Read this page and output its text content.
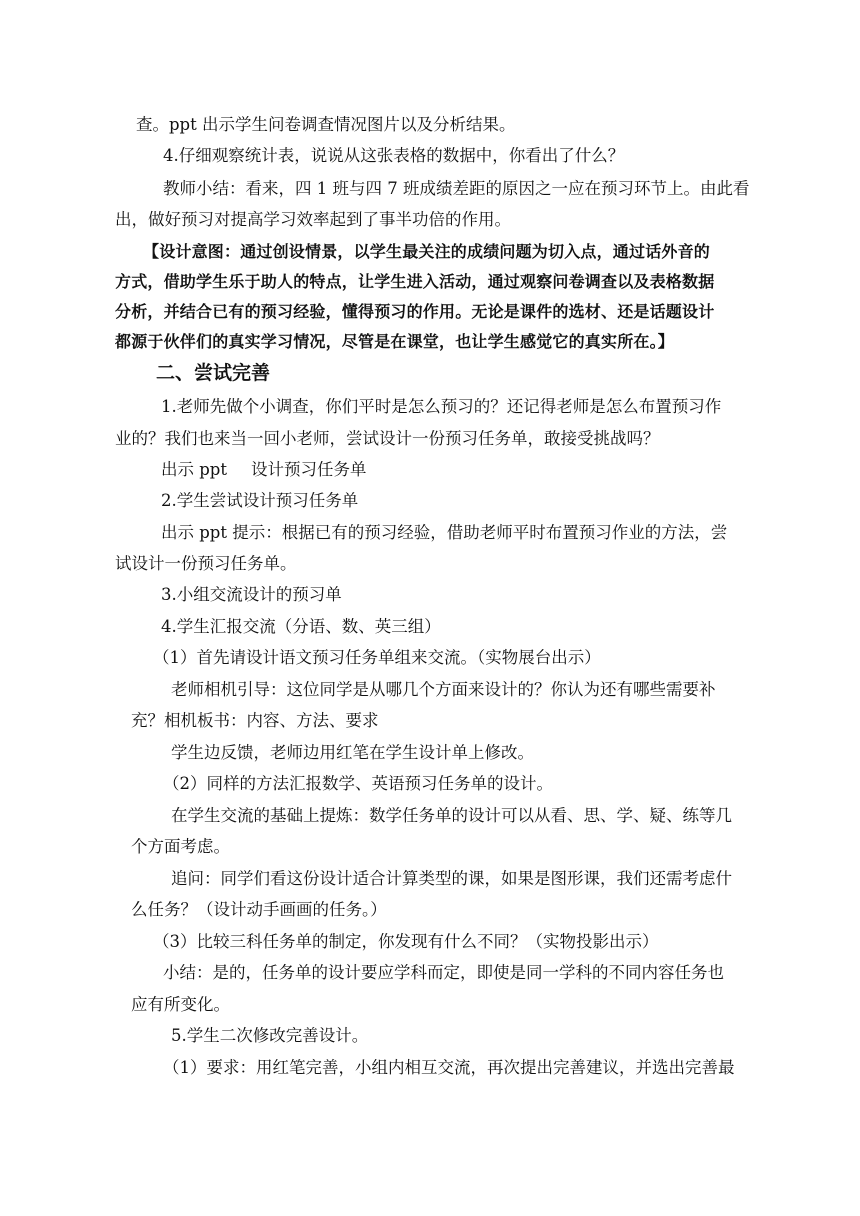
查。ppt 出示学生问卷调查情况图片以及分析结果。
4.仔细观察统计表，说说从这张表格的数据中，你看出了什么？
教师小结：看来，四 1 班与四 7 班成绩差距的原因之一应在预习环节上。由此看
出，做好预习对提高学习效率起到了事半功倍的作用。
【设计意图：通过创设情景，以学生最关注的成绩问题为切入点，通过话外音的
方式，借助学生乐于助人的特点，让学生进入活动，通过观察问卷调查以及表格数据
分析，并结合已有的预习经验，懂得预习的作用。无论是课件的选材、还是话题设计
都源于伙伴们的真实学习情况，尽管是在课堂，也让学生感觉它的真实所在。】
二、尝试完善
1.老师先做个小调查，你们平时是怎么预习的？还记得老师是怎么布置预习作
业的？我们也来当一回小老师，尝试设计一份预习任务单，敢接受挑战吗？
出示 ppt 设计预习任务单
2.学生尝试设计预习任务单
出示 ppt 提示：根据已有的预习经验，借助老师平时布置预习作业的方法，尝
试设计一份预习任务单。
3.小组交流设计的预习单
4.学生汇报交流（分语、数、英三组）
（1）首先请设计语文预习任务单组来交流。（实物展台出示）
老师相机引导：这位同学是从哪几个方面来设计的？你认为还有哪些需要补
充？相机板书：内容、方法、要求
学生边反馈，老师边用红笔在学生设计单上修改。
（2）同样的方法汇报数学、英语预习任务单的设计。
在学生交流的基础上提炼：数学任务单的设计可以从看、思、学、疑、练等几
个方面考虑。
追问：同学们看这份设计适合计算类型的课，如果是图形课，我们还需考虑什
么任务？（设计动手画画的任务。）
（3）比较三科任务单的制定，你发现有什么不同？（实物投影出示）
小结：是的，任务单的设计要应学科而定，即使是同一学科的不同内容任务也
应有所变化。
5.学生二次修改完善设计。
（1）要求：用红笔完善，小组内相互交流，再次提出完善建议，并选出完善最
